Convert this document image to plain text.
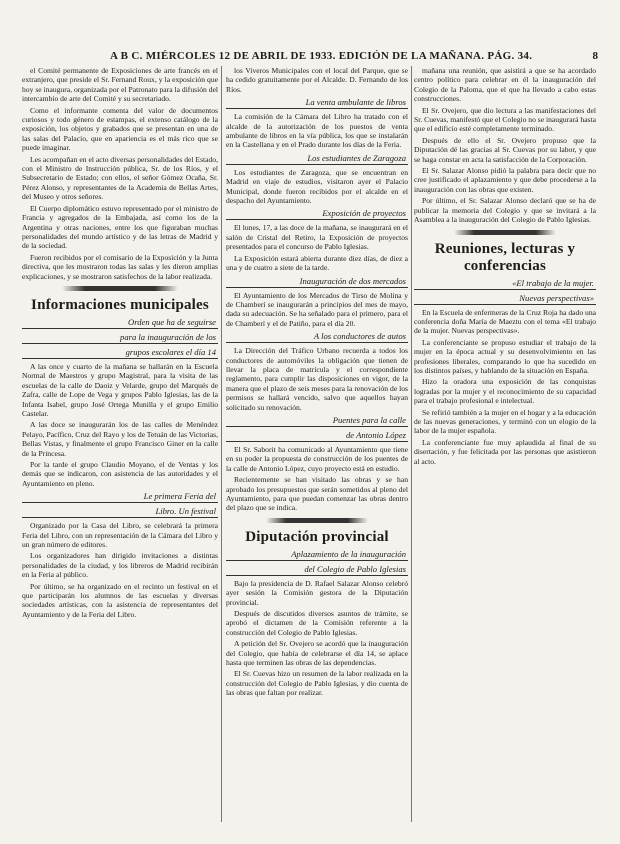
A B C. MIÉRCOLES 12 DE ABRIL DE 1933. EDICIÓN DE LA MAÑANA. PÁG. 34.	8

el Comité permanente de Exposiciones de arte francés en el extranjero, que preside el Sr. Fernand Roux, y la exposición que hoy se inaugura, organizada por el Patronato para la difusión del intercambio de arte del Comité y su secretariado.

Como el informante comenta del valor de documentos curiosos y todo género de estampas, el extenso catálogo de la exposición, los objetos y grabados que se presentan en una de las salas del Palacio, que en apariencia es el más rico que se puede imaginar.

Les acompañan en el acto diversas personalidades del Estado, con el Ministro de Instrucción pública, Sr. de los Ríos, y el Subsecretario de Estado; con ellos, el señor Gómez Ocaña, Sr. Pérez Alonso, y representantes de la Academia de Bellas Artes, del Museo y otros señores.

El Cuerpo diplomático estuvo representado por el ministro de Francia y agregados de la Embajada, así como los de la Argentina y otras naciones, entre los que figuraban muchas personalidades del mundo artístico y de las letras de Madrid y de la sociedad.

Fueron recibidos por el comisario de la Exposición y la Junta directiva, que les mostraron todas las salas y les dieron amplias explicaciones, y se mostraron satisfechos de la labor realizada.

Informaciones municipales
Orden que ha de seguirse
para la inauguración de los
grupos escolares el día 14

A las once y cuarto de la mañana se hallarán en la Escuela Normal de Maestros y grupo Magistral, para la visita de las escuelas de la calle de Daoiz y Velarde, grupo del Marqués de Zafra, calle de Lope de Vega y grupos Pablo Iglesias, las de la Infanta Isabel, grupo José Ortega Munilla y el grupo Emilio Castelar.

A las doce se inaugurarán los de las calles de Menéndez Pelayo, Pacífico, Cruz del Rayo y los de Tetuán de las Victorias, Bellas Vistas, y finalmente el grupo Francisco Giner en la calle de la Princesa.

Por la tarde el grupo Claudio Moyano, el de Ventas y los demás que se indicaron, con asistencia de las autoridades y el Ayuntamiento en pleno.

Le primera Feria del
Libro. Un festival

Organizado por la Casa del Libro, se celebrará la primera Feria del Libro, con un representación de la Cámara del Libro y un gran número de editores.

Los organizadores han dirigido invitaciones a distintas personalidades de la ciudad, y los libreros de Madrid recibirán en la Feria al público.

Por último, se ha organizado en el recinto un festival en el que participarán los alumnos de las escuelas y diversas sociedades artísticas, con la asistencia de representantes del Ayuntamiento y de la Feria del Libro.

los Viveros Municipales con el local del Parque, que se ha cedido gratuitamente por el Alcalde. D. Fernando de los Ríos.

La venta ambulante de libros

La comisión de la Cámara del Libro ha tratado con el alcalde de la autorización de los puestos de venta ambulante de libros en la vía pública, los que se instalarán en la Castellana y en el Prado durante los días de la Feria.

Los estudiantes de Zaragoza

Los estudiantes de Zaragoza, que se encuentran en Madrid en viaje de estudios, visitaron ayer el Palacio Municipal, donde fueron recibidos por el alcalde en el despacho del Ayuntamiento.

Exposición de proyectos

El lunes, 17, a las doce de la mañana, se inaugurará en el salón de Cristal del Retiro, la Exposición de proyectos presentados para el concurso de Pablo Iglesias.

La Exposición estará abierta durante diez días, de diez a una y de cuatro a siete de la tarde.

Inauguración de dos mercados

El Ayuntamiento de los Mercados de Tirso de Molina y de Chamberí se inaugurarán a principios del mes de mayo, dada su adecuación. Se ha señalado para el primero, para el de Chamberí y el de Patiño, para el día 20.

A los conductores de autos

La Dirección del Tráfico Urbano recuerda a todos los conductores de automóviles la obligación que tienen de llevar la placa de matrícula y el correspondiente reglamento, para cumplir las disposiciones en vigor, de la manera que el plazo de seis meses para la renovación de los permisos se hallará vencido, salvo que aquellos hayan solicitado su renovación.

Puentes para la calle
de Antonio López

El Sr. Saborit ha comunicado al Ayuntamiento que tiene en su poder la propuesta de construcción de los puentes de la calle de Antonio López, cuyo proyecto está en estudio.

Recientemente se han visitado las obras y se han aprobado los presupuestos que serán sometidos al pleno del Ayuntamiento, para que puedan comenzar las obras dentro del plazo que se indica.

Diputación provincial
Aplazamiento de la inauguración
del Colegio de Pablo Iglesias

Bajo la presidencia de D. Rafael Salazar Alonso celebró ayer sesión la Comisión gestora de la Diputación provincial.

Después de discutidos diversos asuntos de trámite, se aprobó el dictamen de la Comisión referente a la construcción del Colegio de Pablo Iglesias.

A petición del Sr. Ovejero se acordó que la inauguración del Colegio, que había de celebrarse el día 14, se aplace hasta que terminen las obras de las dependencias.

El Sr. Cuevas hizo un resumen de la labor realizada en la construcción del Colegio de Pablo Iglesias, y dio cuenta de las obras que faltan por realizar.

mañana una reunión, que asistirá a que se ha acordado centro político para celebrar en él la inauguración del Colegio de la Paloma, que el que ha llevado a cabo estas construcciones.

El Sr. Ovejero, que dio lectura a las manifestaciones del Sr. Cuevas, manifestó que el Colegio no se inaugurará hasta que el edificio esté completamente terminado.

Después de ello el Sr. Ovejero propuso que la Diputación dé las gracias al Sr. Cuevas por su labor, y que se haga constar en acta la satisfacción de la Corporación.

El Sr. Salazar Alonso pidió la palabra para decir que no cree justificado el aplazamiento y que debe procederse a la inauguración con las obras que existen.

Por último, el Sr. Salazar Alonso declaró que se ha de publicar la memoria del Colegio y que se invitará a la Asamblea a la inauguración del Colegio de Pablo Iglesias.

Reuniones, lecturas y conferencias
«El trabajo de la mujer.
Nuevas perspectivas»

En la Escuela de enfermeras de la Cruz Roja ha dado una conferencia doña María de Maeztu con el tema «El trabajo de la mujer. Nuevas perspectivas».

La conferenciante se propuso estudiar el trabajo de la mujer en la época actual y su desenvolvimiento en las profesiones liberales, comparando lo que ha sucedido en los distintos países, y hablando de la situación en España.

Hizo la oradora una exposición de las conquistas logradas por la mujer y el reconocimiento de su capacidad para el trabajo profesional e intelectual.

Se refirió también a la mujer en el hogar y a la educación de las nuevas generaciones, y terminó con un elogio de la labor de la mujer española.

La conferenciante fue muy aplaudida al final de su disertación, y fue felicitada por las personas que asistieron al acto.
